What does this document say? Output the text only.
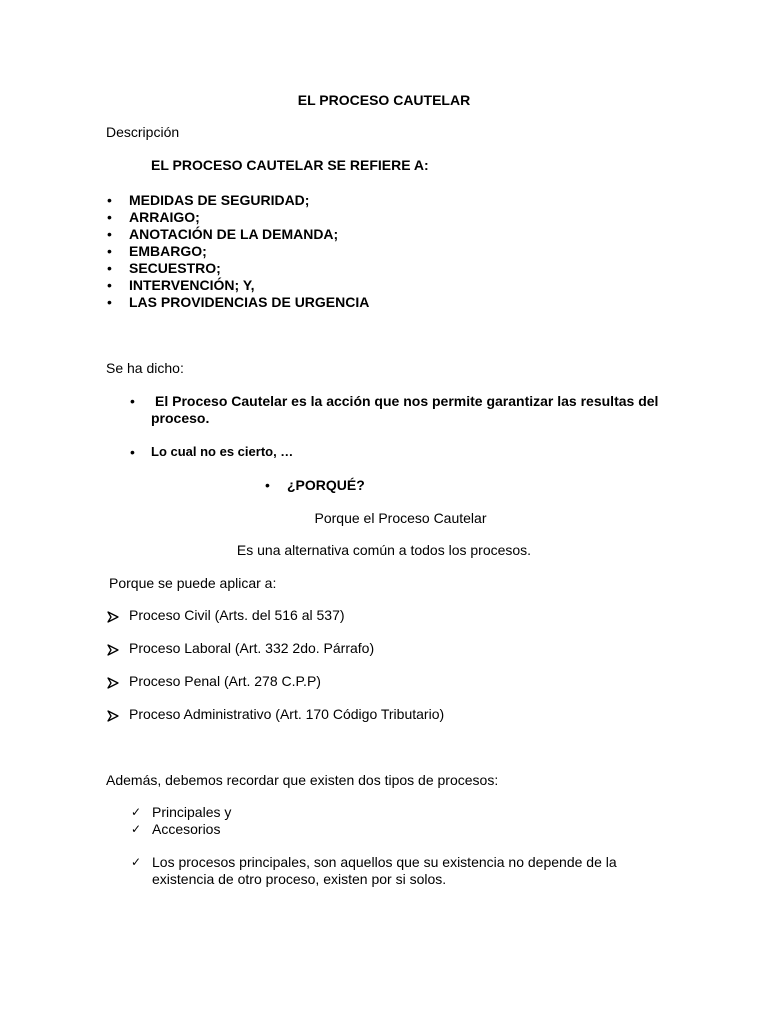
EL PROCESO CAUTELAR
Descripción
EL PROCESO CAUTELAR SE REFIERE A:
• MEDIDAS DE SEGURIDAD;
• ARRAIGO;
• ANOTACIÓN DE LA DEMANDA;
• EMBARGO;
• SECUESTRO;
• INTERVENCIÓN; Y,
• LAS PROVIDENCIAS DE URGENCIA
Se ha dicho:
• El Proceso Cautelar es la acción que nos permite garantizar las resultas del
proceso.
• Lo cual no es cierto, …
• ¿PORQUÉ?
Porque el Proceso Cautelar
Es una alternativa común a todos los procesos.
Porque se puede aplicar a:
Proceso Civil (Arts. del 516 al 537)
Proceso Laboral (Art. 332 2do. Párrafo)
Proceso Penal (Art. 278 C.P.P)
Proceso Administrativo (Art. 170 Código Tributario)
Además, debemos recordar que existen dos tipos de procesos:
✓ Principales y
✓ Accesorios
✓ Los procesos principales, son aquellos que su existencia no depende de la
existencia de otro proceso, existen por si solos.
